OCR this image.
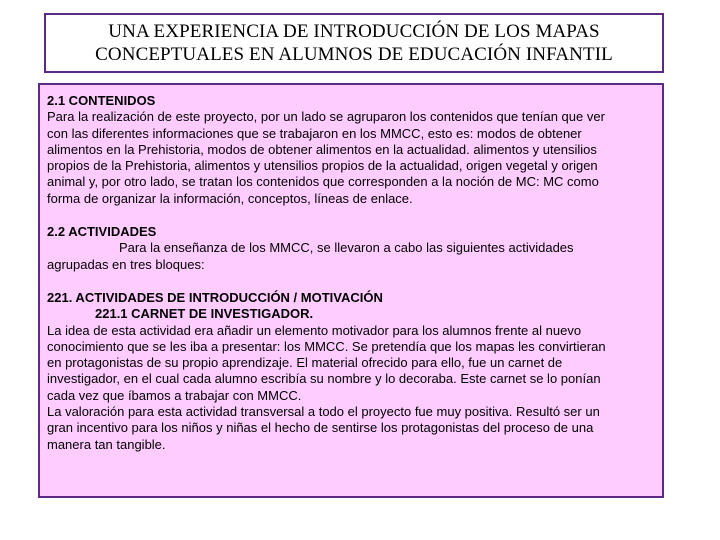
UNA EXPERIENCIA DE INTRODUCCIÓN DE LOS MAPAS
CONCEPTUALES EN ALUMNOS DE EDUCACIÓN INFANTIL
2.1 CONTENIDOS
Para la realización de este proyecto, por un lado se agruparon los contenidos que tenían que ver
con las diferentes informaciones que se trabajaron en los MMCC, esto es: modos de obtener
alimentos en la Prehistoria, modos de obtener alimentos en la actualidad. alimentos y utensilios
propios de la Prehistoria, alimentos y utensilios propios de la actualidad, origen vegetal y origen
animal y, por otro lado, se tratan los contenidos que corresponden a la noción de MC: MC como
forma de organizar la información, conceptos, líneas de enlace.
2.2 ACTIVIDADES
Para la enseñanza de los MMCC, se llevaron a cabo las siguientes actividades
agrupadas en tres bloques:
221. ACTIVIDADES DE INTRODUCCIÓN / MOTIVACIÓN
221.1 CARNET DE INVESTIGADOR.
La idea de esta actividad era añadir un elemento motivador para los alumnos frente al nuevo
conocimiento que se les iba a presentar: los MMCC. Se pretendía que los mapas les convirtieran
en protagonistas de su propio aprendizaje. El material ofrecido para ello, fue un carnet de
investigador, en el cual cada alumno escribía su nombre y lo decoraba. Este carnet se lo ponían
cada vez que íbamos a trabajar con MMCC.
La valoración para esta actividad transversal a todo el proyecto fue muy positiva. Resultó ser un
gran incentivo para los niños y niñas el hecho de sentirse los protagonistas del proceso de una
manera tan tangible.
